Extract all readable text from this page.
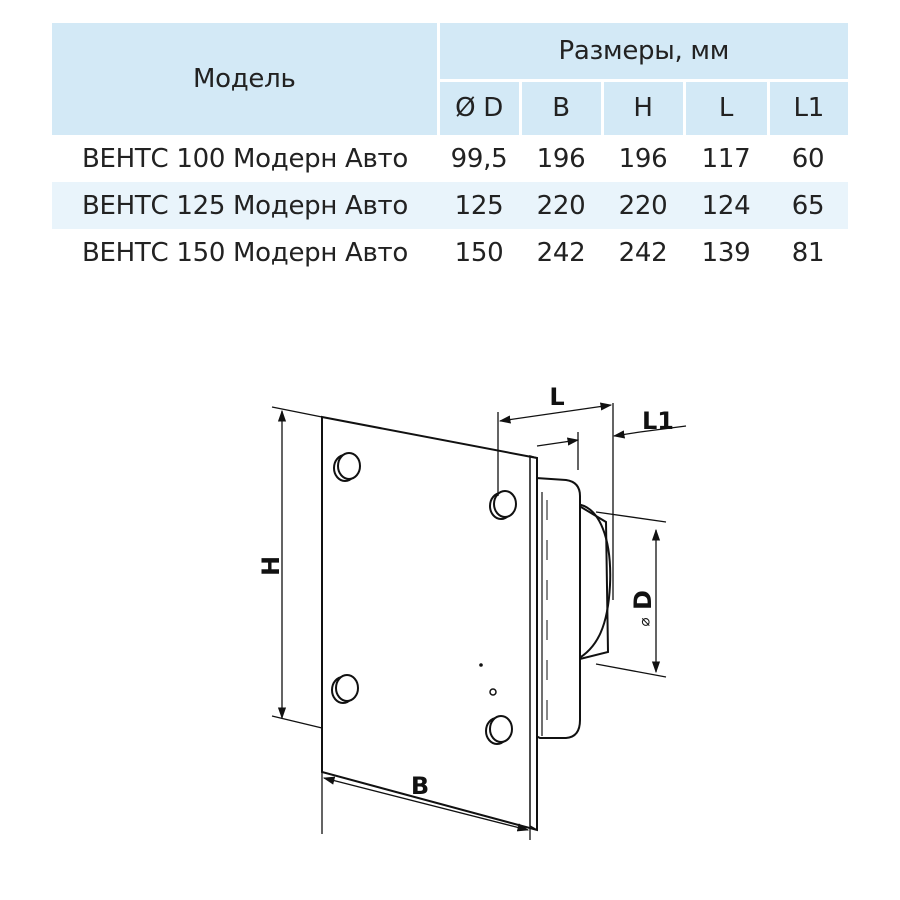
Модель	Размеры, мм				
	Ø D	B	H	L	L1
ВЕНТС 100 Модерн Авто	99,5	196	196	117	60
ВЕНТС 125 Модерн Авто	125	220	220	124	65
ВЕНТС 150 Модерн Авто	150	242	242	139	81
H
B
L
L1
⌀
D
